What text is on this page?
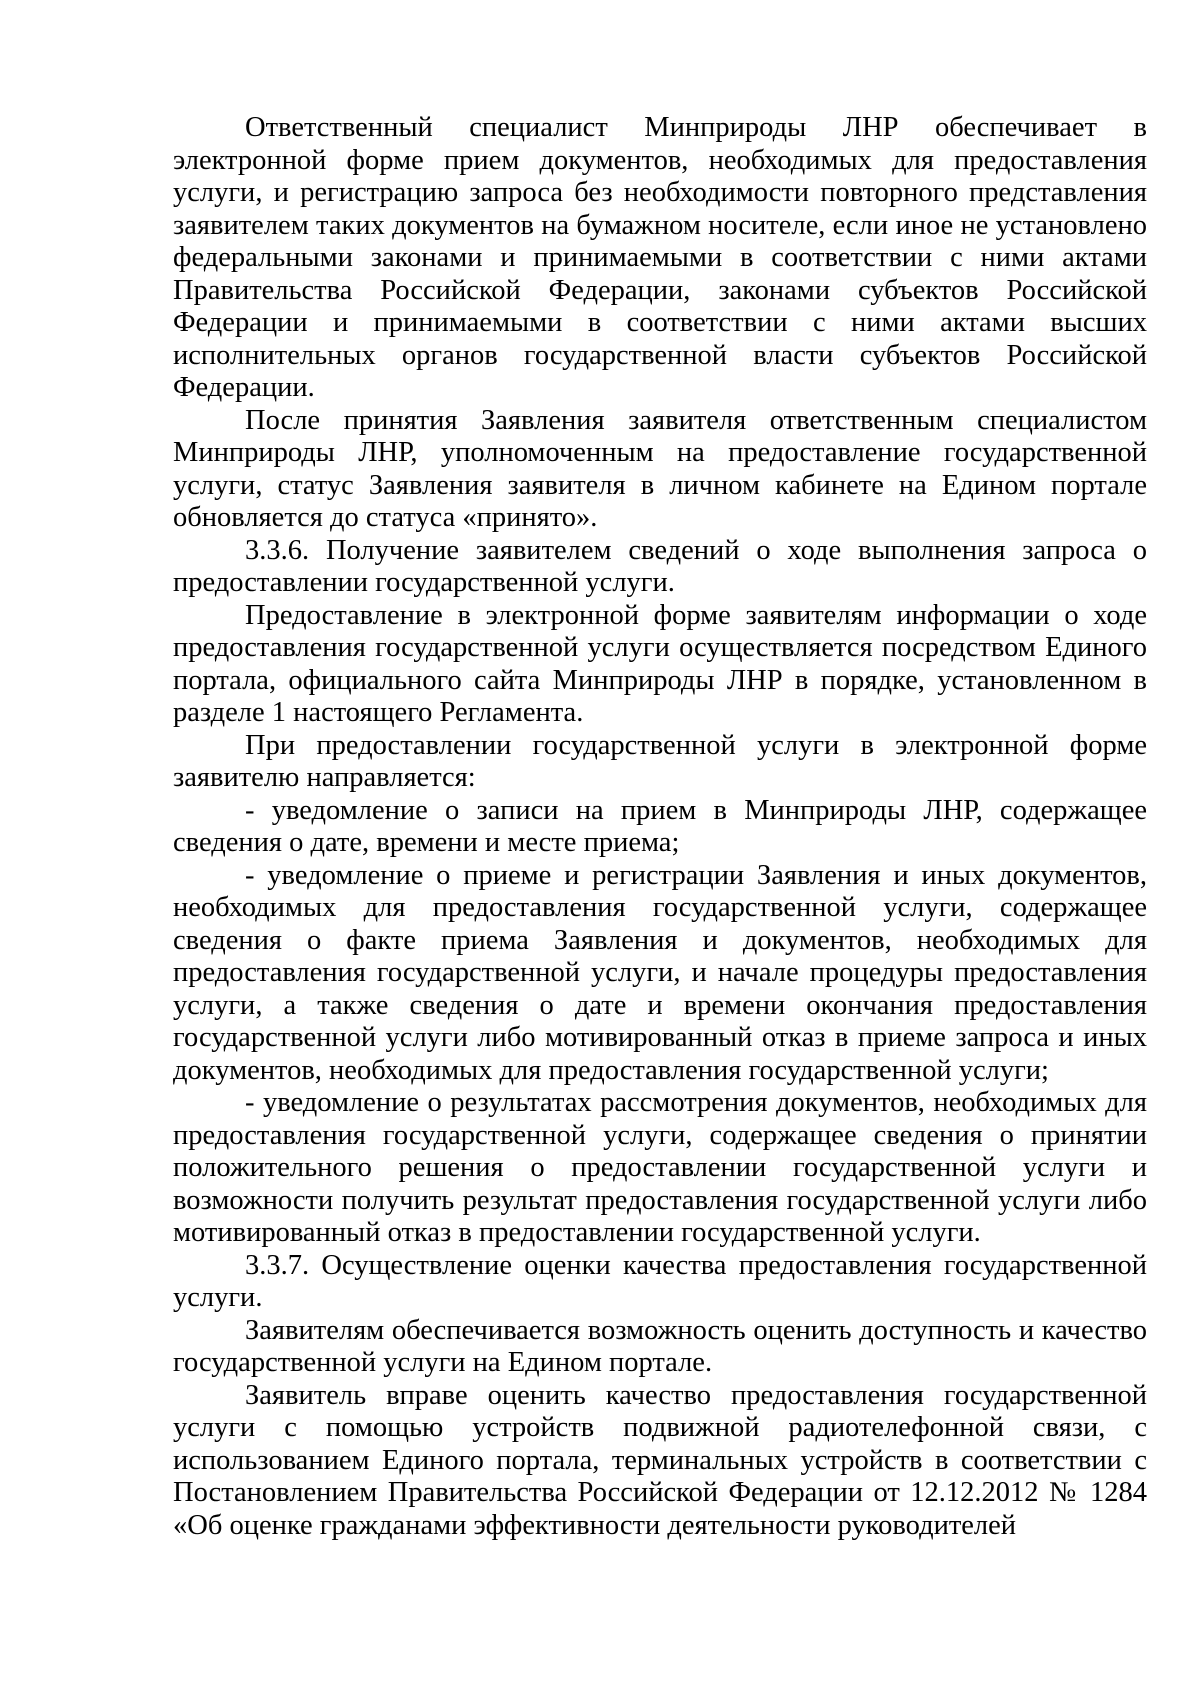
Ответственный специалист Минприроды ЛНР обеспечивает в электронной форме прием документов, необходимых для предоставления услуги, и регистрацию запроса без необходимости повторного представления заявителем таких документов на бумажном носителе, если иное не установлено федеральными законами и принимаемыми в соответствии с ними актами Правительства Российской Федерации, законами субъектов Российской Федерации и принимаемыми в соответствии с ними актами высших исполнительных органов государственной власти субъектов Российской Федерации.

После принятия Заявления заявителя ответственным специалистом Минприроды ЛНР, уполномоченным на предоставление государственной услуги, статус Заявления заявителя в личном кабинете на Едином портале обновляется до статуса «принято».

3.3.6. Получение заявителем сведений о ходе выполнения запроса о предоставлении государственной услуги.

Предоставление в электронной форме заявителям информации о ходе предоставления государственной услуги осуществляется посредством Единого портала, официального сайта Минприроды ЛНР в порядке, установленном в разделе 1 настоящего Регламента.

При предоставлении государственной услуги в электронной форме заявителю направляется:

- уведомление о записи на прием в Минприроды ЛНР, содержащее сведения о дате, времени и месте приема;

- уведомление о приеме и регистрации Заявления и иных документов, необходимых для предоставления государственной услуги, содержащее сведения о факте приема Заявления и документов, необходимых для предоставления государственной услуги, и начале процедуры предоставления услуги, а также сведения о дате и времени окончания предоставления государственной услуги либо мотивированный отказ в приеме запроса и иных документов, необходимых для предоставления государственной услуги;

- уведомление о результатах рассмотрения документов, необходимых для предоставления государственной услуги, содержащее сведения о принятии положительного решения о предоставлении государственной услуги и возможности получить результат предоставления государственной услуги либо мотивированный отказ в предоставлении государственной услуги.

3.3.7. Осуществление оценки качества предоставления государственной услуги.

Заявителям обеспечивается возможность оценить доступность и качество государственной услуги на Едином портале.

Заявитель вправе оценить качество предоставления государственной услуги с помощью устройств подвижной радиотелефонной связи, с использованием Единого портала, терминальных устройств в соответствии с Постановлением Правительства Российской Федерации от 12.12.2012 № 1284 «Об оценке гражданами эффективности деятельности руководителей
